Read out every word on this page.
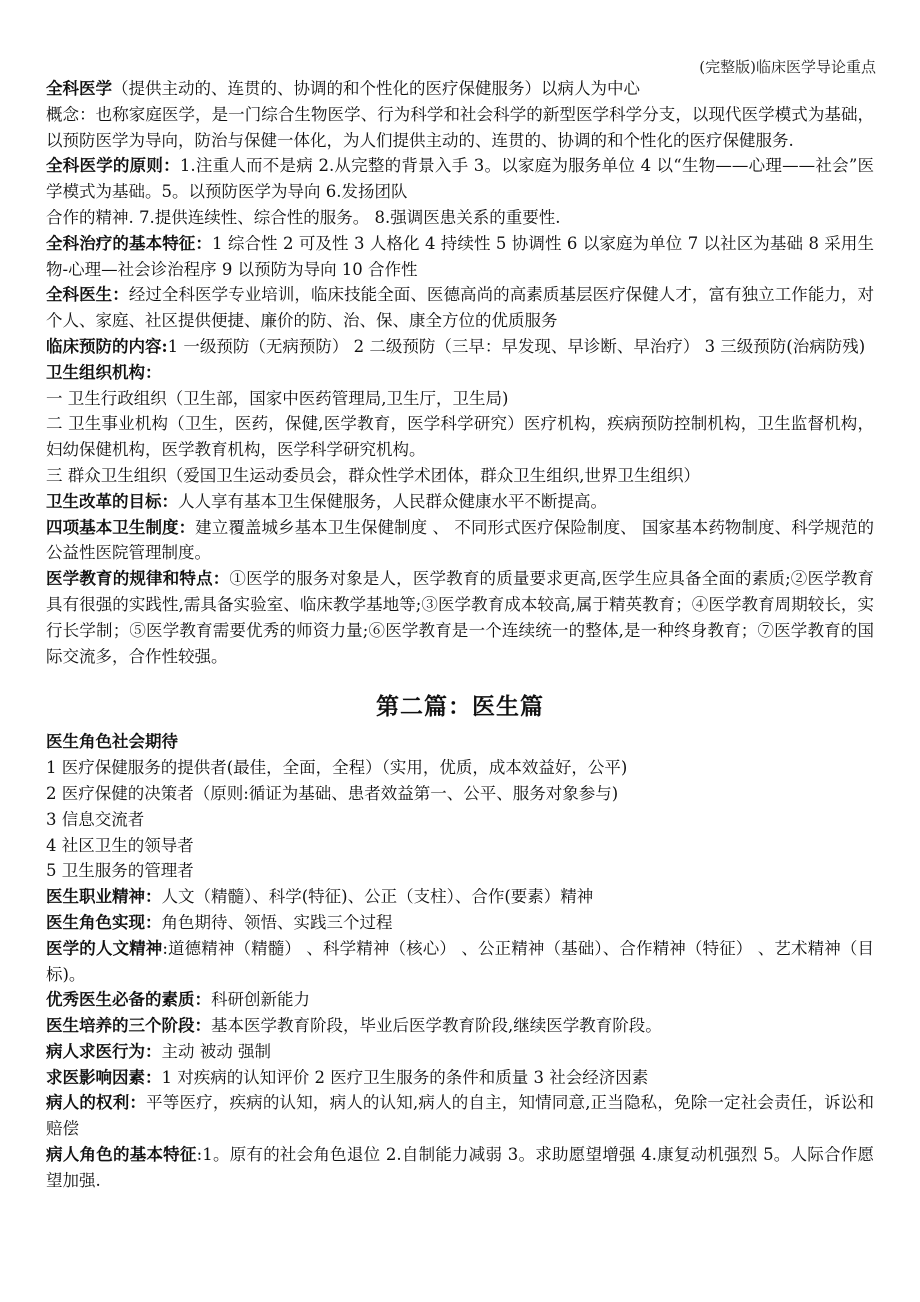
(完整版)临床医学导论重点
全科医学（提供主动的、连贯的、协调的和个性化的医疗保健服务）以病人为中心
概念：也称家庭医学，是一门综合生物医学、行为科学和社会科学的新型医学科学分支，以现代医学模式为基础，以预防医学为导向，防治与保健一体化，为人们提供主动的、连贯的、协调的和个性化的医疗保健服务.
全科医学的原则：1.注重人而不是病 2.从完整的背景入手 3。以家庭为服务单位 4 以“生物——心理——社会”医学模式为基础。5。以预防医学为导向 6.发扬团队
合作的精神. 7.提供连续性、综合性的服务。 8.强调医患关系的重要性.
全科治疗的基本特征：1 综合性 2 可及性 3 人格化 4 持续性 5 协调性 6 以家庭为单位 7 以社区为基础 8 采用生物-心理—社会诊治程序 9 以预防为导向 10 合作性
全科医生：经过全科医学专业培训，临床技能全面、医德高尚的高素质基层医疗保健人才，富有独立工作能力，对个人、家庭、社区提供便捷、廉价的防、治、保、康全方位的优质服务
临床预防的内容:1 一级预防（无病预防） 2 二级预防（三早：早发现、早诊断、早治疗） 3 三级预防(治病防残)
卫生组织机构：
一 卫生行政组织（卫生部，国家中医药管理局,卫生厅，卫生局)
二 卫生事业机构（卫生，医药，保健,医学教育，医学科学研究）医疗机构，疾病预防控制机构，卫生监督机构，妇幼保健机构，医学教育机构，医学科学研究机构。
三 群众卫生组织（爱国卫生运动委员会，群众性学术团体，群众卫生组织,世界卫生组织）
卫生改革的目标：人人享有基本卫生保健服务，人民群众健康水平不断提高。
四项基本卫生制度：建立覆盖城乡基本卫生保健制度 、 不同形式医疗保险制度、 国家基本药物制度、科学规范的公益性医院管理制度。
医学教育的规律和特点：①医学的服务对象是人，医学教育的质量要求更高,医学生应具备全面的素质;②医学教育具有很强的实践性,需具备实验室、临床教学基地等;③医学教育成本较高,属于精英教育；④医学教育周期较长，实行长学制；⑤医学教育需要优秀的师资力量;⑥医学教育是一个连续统一的整体,是一种终身教育；⑦医学教育的国际交流多，合作性较强。
第二篇：医生篇
医生角色社会期待
1 医疗保健服务的提供者(最佳，全面，全程）（实用，优质，成本效益好，公平)
2 医疗保健的决策者（原则:循证为基础、患者效益第一、公平、服务对象参与)
3 信息交流者
4 社区卫生的领导者
5 卫生服务的管理者
医生职业精神：人文（精髓）、科学(特征)、公正（支柱）、合作(要素）精神
医生角色实现：角色期待、领悟、实践三个过程
医学的人文精神:道德精神（精髓） 、科学精神（核心） 、公正精神（基础）、合作精神（特征） 、艺术精神（目标)。
优秀医生必备的素质：科研创新能力
医生培养的三个阶段：基本医学教育阶段，毕业后医学教育阶段,继续医学教育阶段。
病人求医行为：主动 被动 强制
求医影响因素：1 对疾病的认知评价 2 医疗卫生服务的条件和质量 3 社会经济因素
病人的权利：平等医疗，疾病的认知，病人的认知,病人的自主，知情同意,正当隐私，免除一定社会责任，诉讼和赔偿
病人角色的基本特征:1。原有的社会角色退位 2.自制能力减弱 3。求助愿望增强 4.康复动机强烈 5。人际合作愿望加强.
